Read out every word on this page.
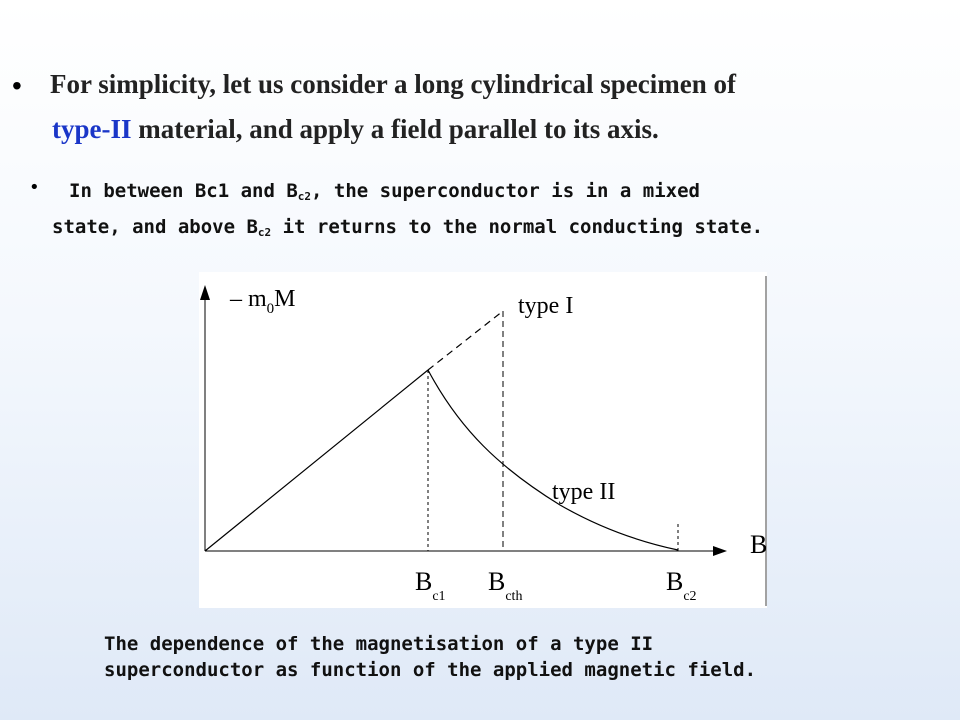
• For simplicity, let us consider a long cylindrical specimen of
type-II material, and apply a field parallel to its axis.
• In between Bc1 and $B_{c2}$, the superconductor is in a mixed
state, and above $B_{c2}$ it returns to the normal conducting state.
– $m_0M$	type I
type II
B
$B_{c1}$
$B_{cth}$
$B_{c2}$
The dependence of the magnetisation of a type II superconductor as function of the applied magnetic field.
